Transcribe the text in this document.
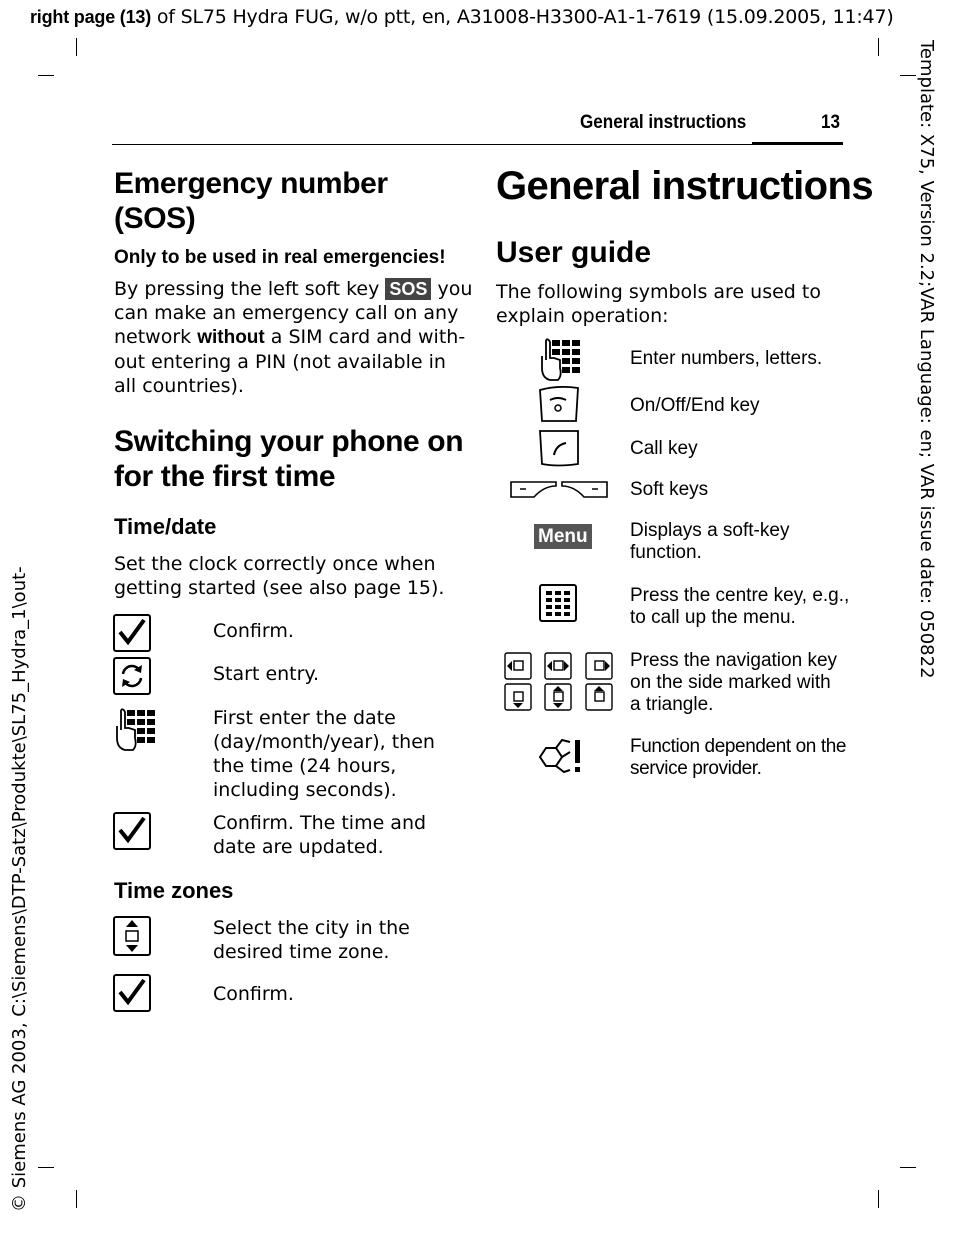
right page (13) of SL75 Hydra FUG, w/o ptt, en, A31008-H3300-A1-1-7619 (15.09.2005, 11:47)
Template: X75, Version 2.2;VAR Language: en; VAR issue date: 050822
© Siemens AG 2003, C:\Siemens\DTP-Satz\Produkte\SL75_Hydra_1\out-
General instructions	13
Emergency number
(SOS)
Only to be used in real emergencies!
By pressing the left soft key SOS you
can make an emergency call on any
network without a SIM card and with-
out entering a PIN (not available in
all countries).
Switching your phone on
for the first time
Time/date
Set the clock correctly once when
getting started (see also page 15).
Confirm.
Start entry.
First enter the date
(day/month/year), then
the time (24 hours,
including seconds).
Confirm. The time and
date are updated.
Time zones
Select the city in the
desired time zone.
Confirm.
General instructions
User guide
The following symbols are used to
explain operation:
Menu
Enter numbers, letters.
On/Off/End key
Call key
Soft keys
Displays a soft-key
function.
Press the centre key, e.g.,
to call up the menu.
Press the navigation key
on the side marked with
a triangle.
Function dependent on the
service provider.
